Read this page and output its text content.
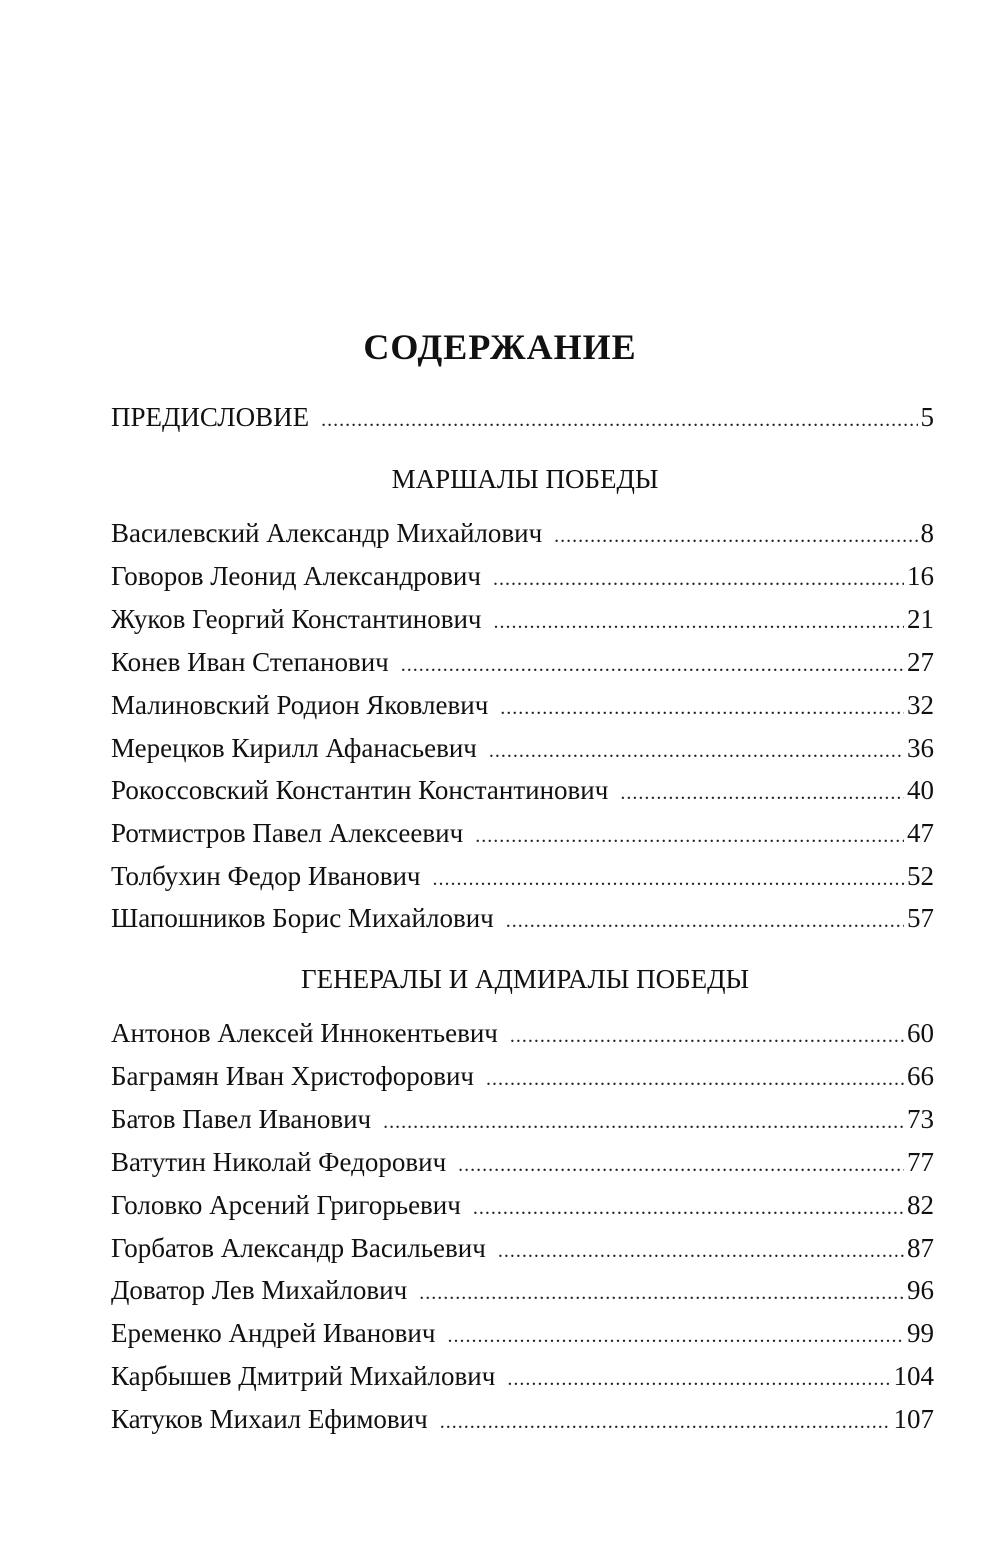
СОДЕРЖАНИЕ
ПРЕДИСЛОВИЕ .....	5
МАРШАЛЫ ПОБЕДЫ
Василевский Александр Михайлович .....	8
Говоров Леонид Александрович .....	16
Жуков Георгий Константинович .....	21
Конев Иван Степанович .....	27
Малиновский Родион Яковлевич .....	32
Мерецков Кирилл Афанасьевич .....	36
Рокоссовский Константин Константинович .....	40
Ротмистров Павел Алексеевич .....	47
Толбухин Федор Иванович .....	52
Шапошников Борис Михайлович .....	57
ГЕНЕРАЛЫ И АДМИРАЛЫ ПОБЕДЫ
Антонов Алексей Иннокентьевич .....	60
Баграмян Иван Христофорович .....	66
Батов Павел Иванович .....	73
Ватутин Николай Федорович .....	77
Головко Арсений Григорьевич .....	82
Горбатов Александр Васильевич .....	87
Доватор Лев Михайлович .....	96
Еременко Андрей Иванович .....	99
Карбышев Дмитрий Михайлович .....	104
Катуков Михаил Ефимович .....	107
